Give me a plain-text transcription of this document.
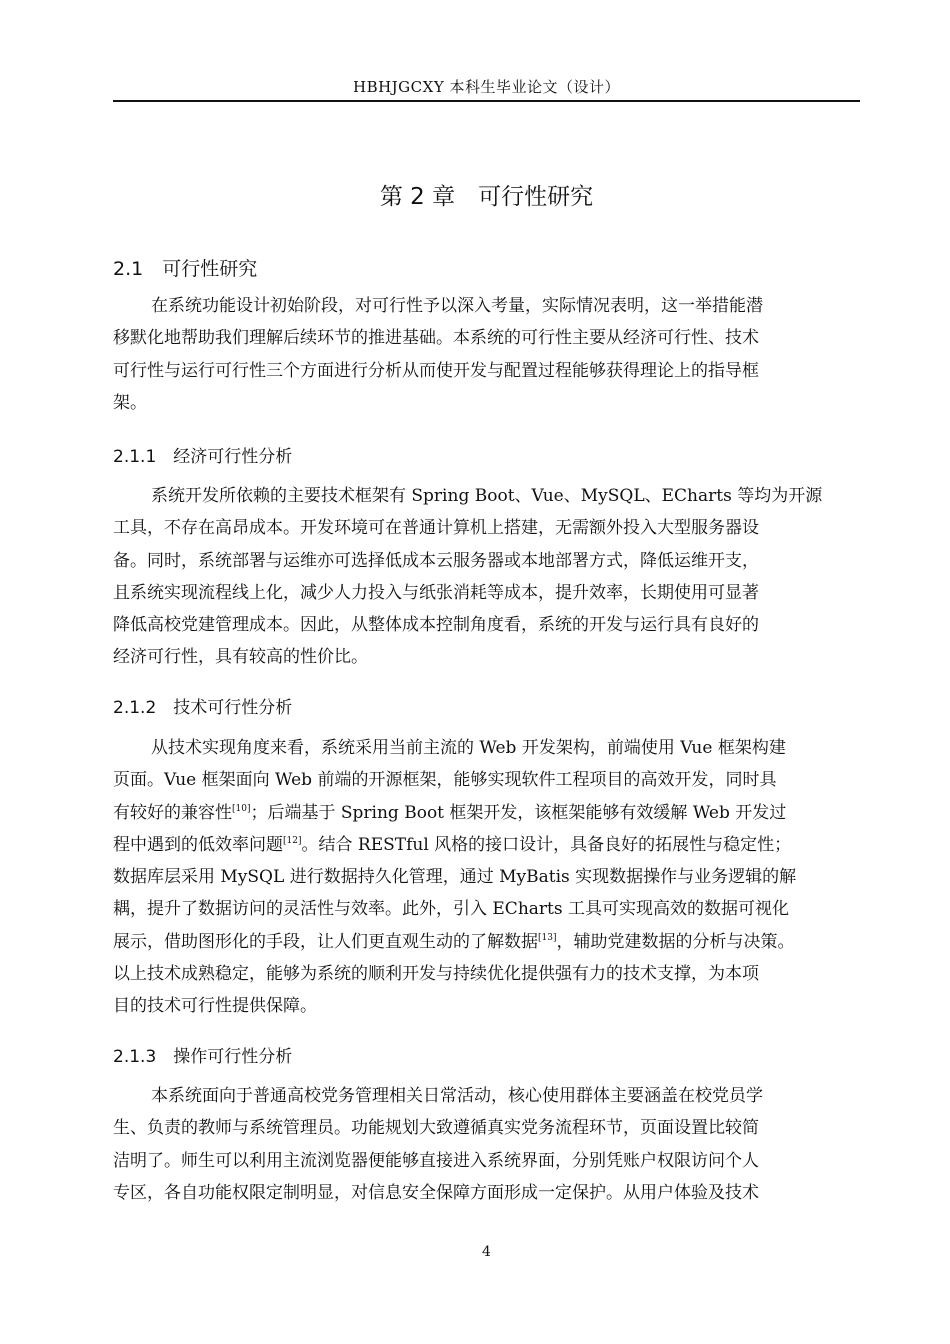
HBHJGCXY 本科生毕业论文（设计）
第 2 章　可行性研究
2.1　可行性研究
在系统功能设计初始阶段，对可行性予以深入考量，实际情况表明，这一举措能潜
移默化地帮助我们理解后续环节的推进基础。本系统的可行性主要从经济可行性、技术
可行性与运行可行性三个方面进行分析从而使开发与配置过程能够获得理论上的指导框
架。
2.1.1　经济可行性分析
系统开发所依赖的主要技术框架有 Spring Boot、Vue、MySQL、ECharts 等均为开源
工具，不存在高昂成本。开发环境可在普通计算机上搭建，无需额外投入大型服务器设
备。同时，系统部署与运维亦可选择低成本云服务器或本地部署方式，降低运维开支，
且系统实现流程线上化，减少人力投入与纸张消耗等成本，提升效率，长期使用可显著
降低高校党建管理成本。因此，从整体成本控制角度看，系统的开发与运行具有良好的
经济可行性，具有较高的性价比。
2.1.2　技术可行性分析
从技术实现角度来看，系统采用当前主流的 Web 开发架构，前端使用 Vue 框架构建
页面。Vue 框架面向 Web 前端的开源框架，能够实现软件工程项目的高效开发，同时具
有较好的兼容性[10]；后端基于 Spring Boot 框架开发，该框架能够有效缓解 Web 开发过
程中遇到的低效率问题[12]。结合 RESTful 风格的接口设计，具备良好的拓展性与稳定性；
数据库层采用 MySQL 进行数据持久化管理，通过 MyBatis 实现数据操作与业务逻辑的解
耦，提升了数据访问的灵活性与效率。此外，引入 ECharts 工具可实现高效的数据可视化
展示，借助图形化的手段，让人们更直观生动的了解数据[13]，辅助党建数据的分析与决策。
以上技术成熟稳定，能够为系统的顺利开发与持续优化提供强有力的技术支撑，为本项
目的技术可行性提供保障。
2.1.3　操作可行性分析
本系统面向于普通高校党务管理相关日常活动，核心使用群体主要涵盖在校党员学
生、负责的教师与系统管理员。功能规划大致遵循真实党务流程环节，页面设置比较简
洁明了。师生可以利用主流浏览器便能够直接进入系统界面，分别凭账户权限访问个人
专区，各自功能权限定制明显，对信息安全保障方面形成一定保护。从用户体验及技术
4
